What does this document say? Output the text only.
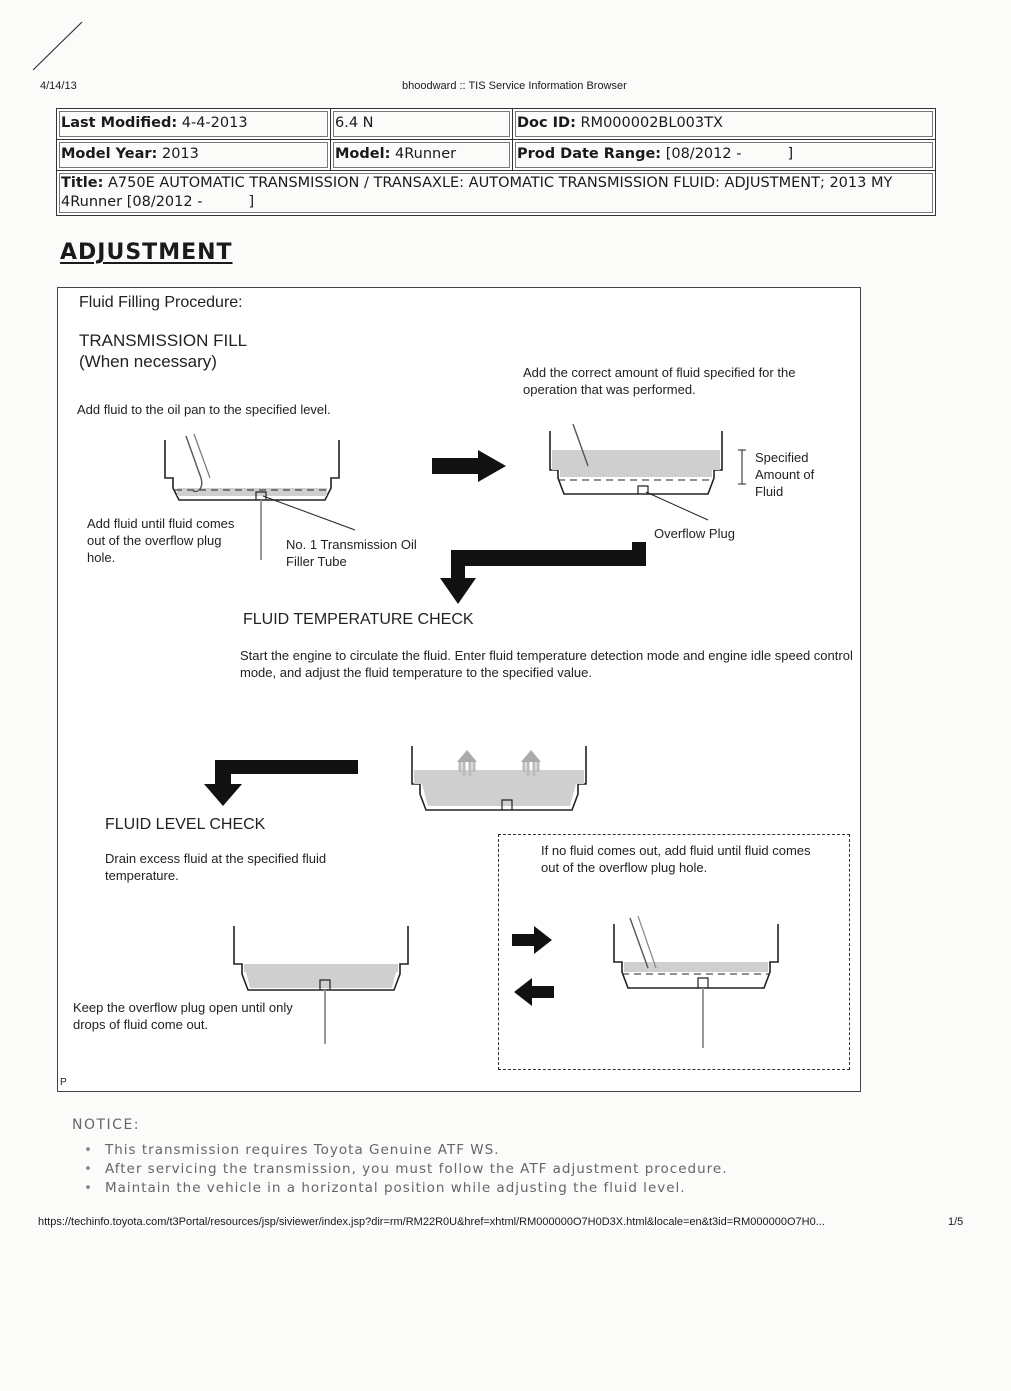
4/14/13	bhoodward :: TIS Service Information Browser
Last Modified: 4-4-2013	6.4 N	Doc ID: RM000002BL003TX
Model Year: 2013	Model: 4Runner	Prod Date Range: [08/2012 -          ]
Title: A750E AUTOMATIC TRANSMISSION / TRANSAXLE: AUTOMATIC TRANSMISSION FLUID: ADJUSTMENT; 2013 MY 4Runner [08/2012 -          ]
ADJUSTMENT
Fluid Filling Procedure:
TRANSMISSION FILL
(When necessary)
Add fluid to the oil pan to the specified level.
Add the correct amount of fluid specified for the operation that was performed.
Specified Amount of Fluid
Add fluid until fluid comes out of the overflow plug hole.
No. 1 Transmission Oil Filler Tube
Overflow Plug
FLUID TEMPERATURE CHECK
Start the engine to circulate the fluid. Enter fluid temperature detection mode and engine idle speed control mode, and adjust the fluid temperature to the specified value.
FLUID LEVEL CHECK
Drain excess fluid at the specified fluid temperature.
Keep the overflow plug open until only drops of fluid come out.
If no fluid comes out, add fluid until fluid comes out of the overflow plug hole.
P
NOTICE:
• This transmission requires Toyota Genuine ATF WS.
• After servicing the transmission, you must follow the ATF adjustment procedure.
• Maintain the vehicle in a horizontal position while adjusting the fluid level.
https://techinfo.toyota.com/t3Portal/resources/jsp/siviewer/index.jsp?dir=rm/RM22R0U&href=xhtml/RM000000O7H0D3X.html&locale=en&t3id=RM000000O7H0...	1/5
